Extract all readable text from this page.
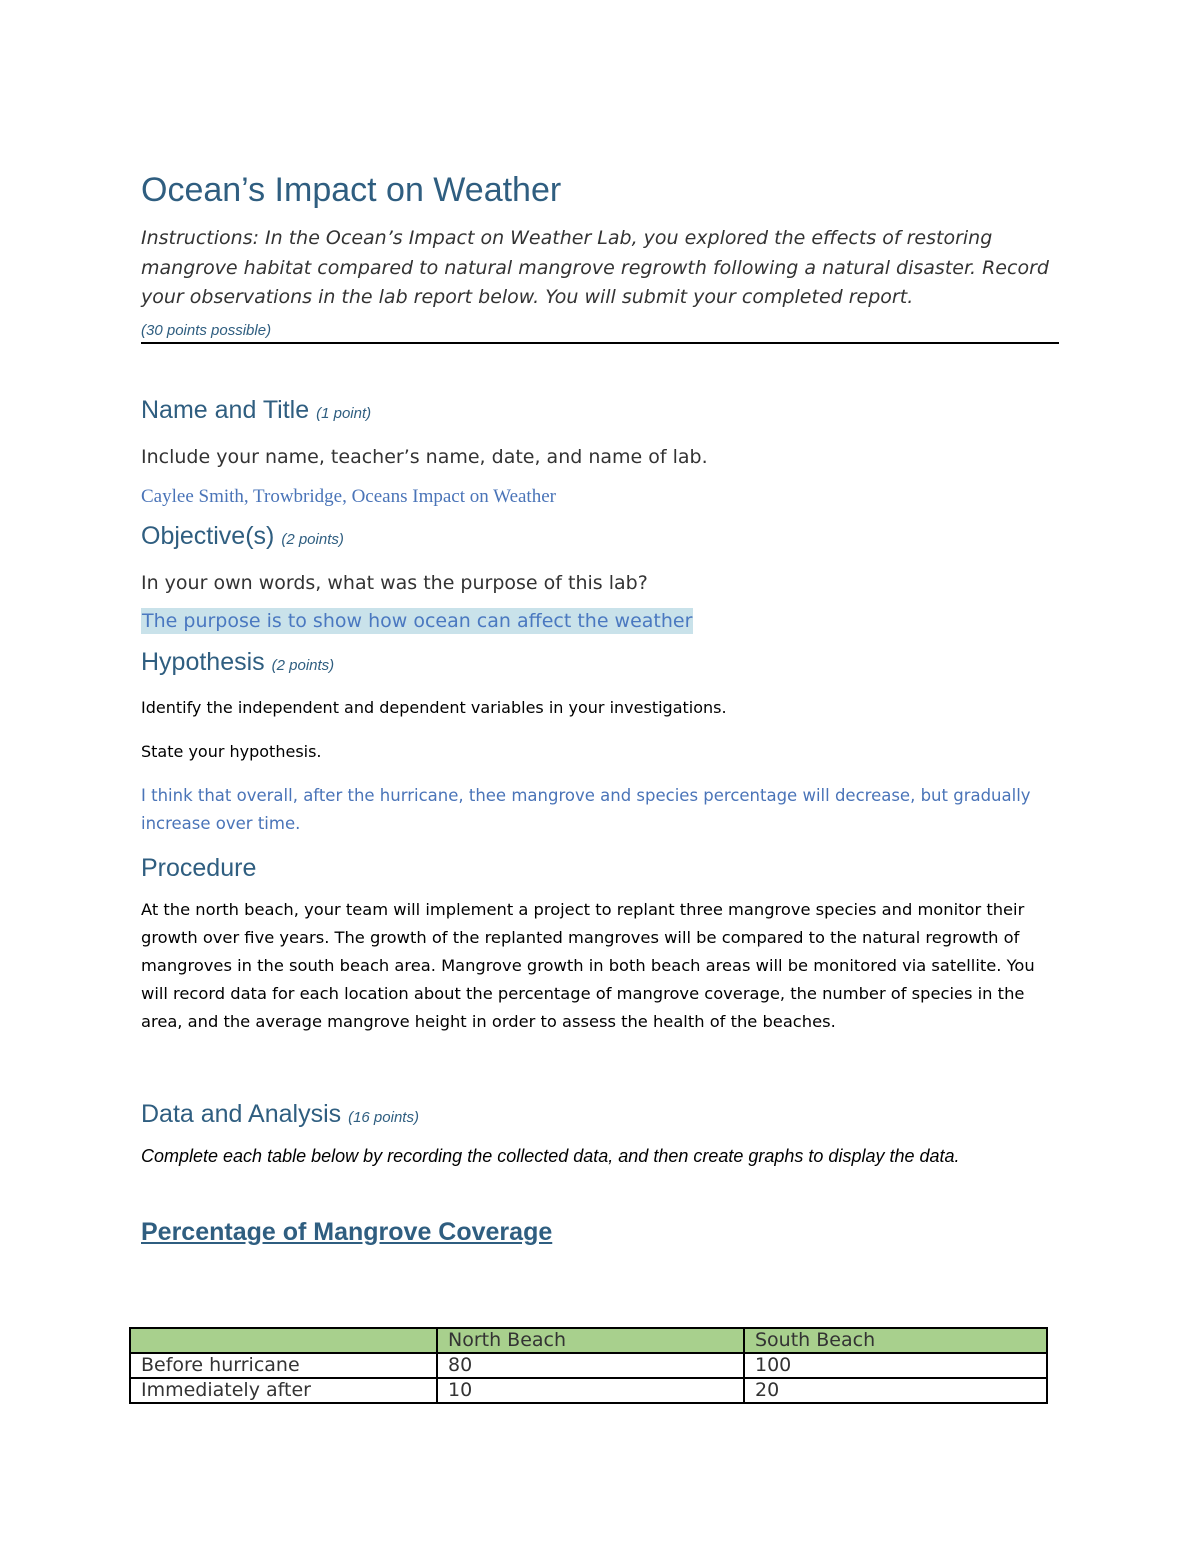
Ocean’s Impact on Weather

Instructions: In the Ocean’s Impact on Weather Lab, you explored the effects of restoring mangrove habitat compared to natural mangrove regrowth following a natural disaster. Record your observations in the lab report below. You will submit your completed report.

(30 points possible)

Name and Title (1 point)

Include your name, teacher’s name, date, and name of lab.

Caylee Smith, Trowbridge, Oceans Impact on Weather

Objective(s) (2 points)

In your own words, what was the purpose of this lab?

The purpose is to show how ocean can affect the weather
Hypothesis (2 points)

Identify the independent and dependent variables in your investigations.

State your hypothesis.

I think that overall, after the hurricane, thee mangrove and species percentage will decrease, but gradually increase over time.

Procedure

At the north beach, your team will implement a project to replant three mangrove species and monitor their growth over five years. The growth of the replanted mangroves will be compared to the natural regrowth of mangroves in the south beach area. Mangrove growth in both beach areas will be monitored via satellite. You will record data for each location about the percentage of mangrove coverage, the number of species in the area, and the average mangrove height in order to assess the health of the beaches.

Data and Analysis (16 points)

Complete each table below by recording the collected data, and then create graphs to display the data.

Percentage of Mangrove Coverage
	North Beach	South Beach
Before hurricane	80	100
Immediately after	10	20
